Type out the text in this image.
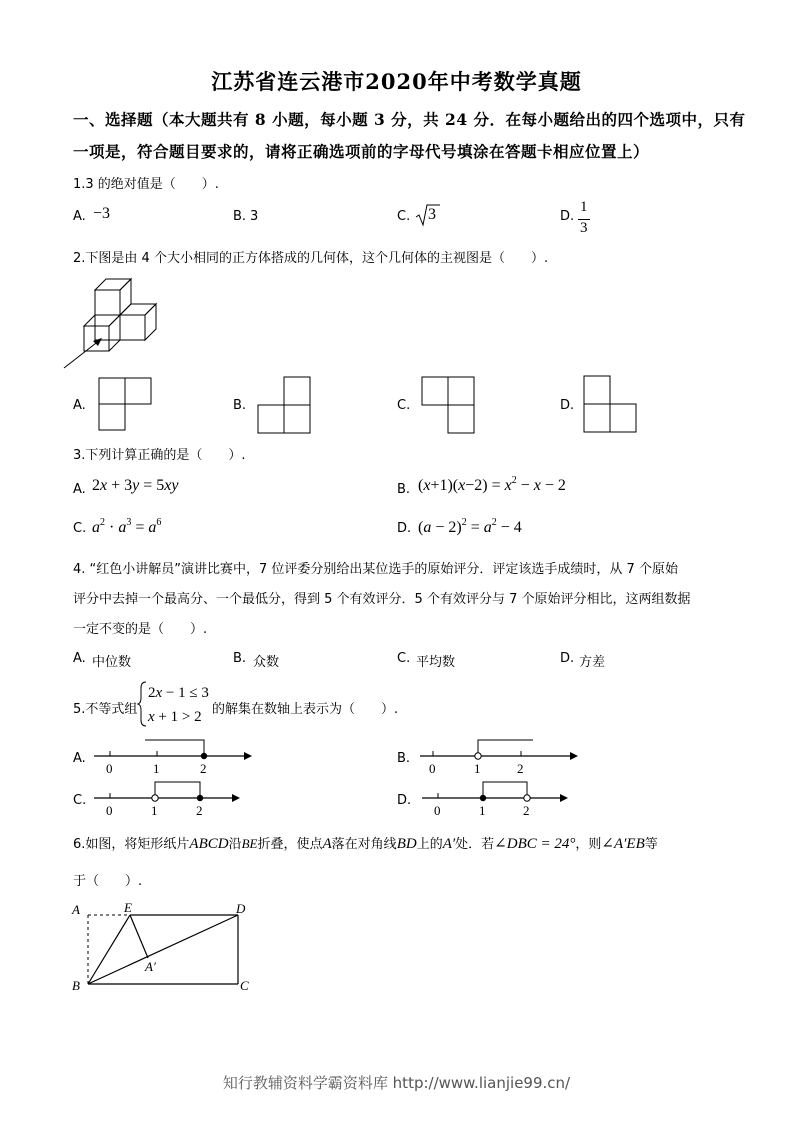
江苏省连云港市2020年中考数学真题
一、选择题（本大题共有 8 小题，每小题 3 分，共 24 分．在每小题给出的四个选项中，只有
一项是，符合题目要求的，请将正确选项前的字母代号填涂在答题卡相应位置上）
1.3 的绝对值是（　　）.
A. −3	B. 3	C. 3	D.
1
3
2.下图是由 4 个大小相同的正方体搭成的几何体，这个几何体的主视图是（　　）.
A.	B.	C.	D.
3.下列计算正确的是（　　）.
A. 2x + 3y = 5xy	B. $(x+1)(x-2) = x^2 - x - 2$
C. $a^2 \cdot a^3 = a^6$	D. $(a - 2)^2 = a^2 - 4$
4. “红色小讲解员”演讲比赛中，7 位评委分别给出某位选手的原始评分．评定该选手成绩时，从 7 个原始
评分中去掉一个最高分、一个最低分，得到 5 个有效评分．5 个有效评分与 7 个原始评分相比，这两组数据
一定不变的是（　　）.
A. 中位数	B. 众数	C. 平均数	D. 方差
5.不等式组
2x − 1 ≤ 3
x + 1 > 2 的解集在数轴上表示为（　　）.
A.
0	1	2
B.
0	1	2
C.
0	1	2
D.
0	1	2
6.如图，将矩形纸片ABCD沿BE折叠，使点A落在对角线BD上的A′处．若∠DBC = 24°，则∠A′EB等
于（　　）.
A	E	D
A′
B	C
知行教辅资料学霸资料库 http://www.lianjie99.cn/
